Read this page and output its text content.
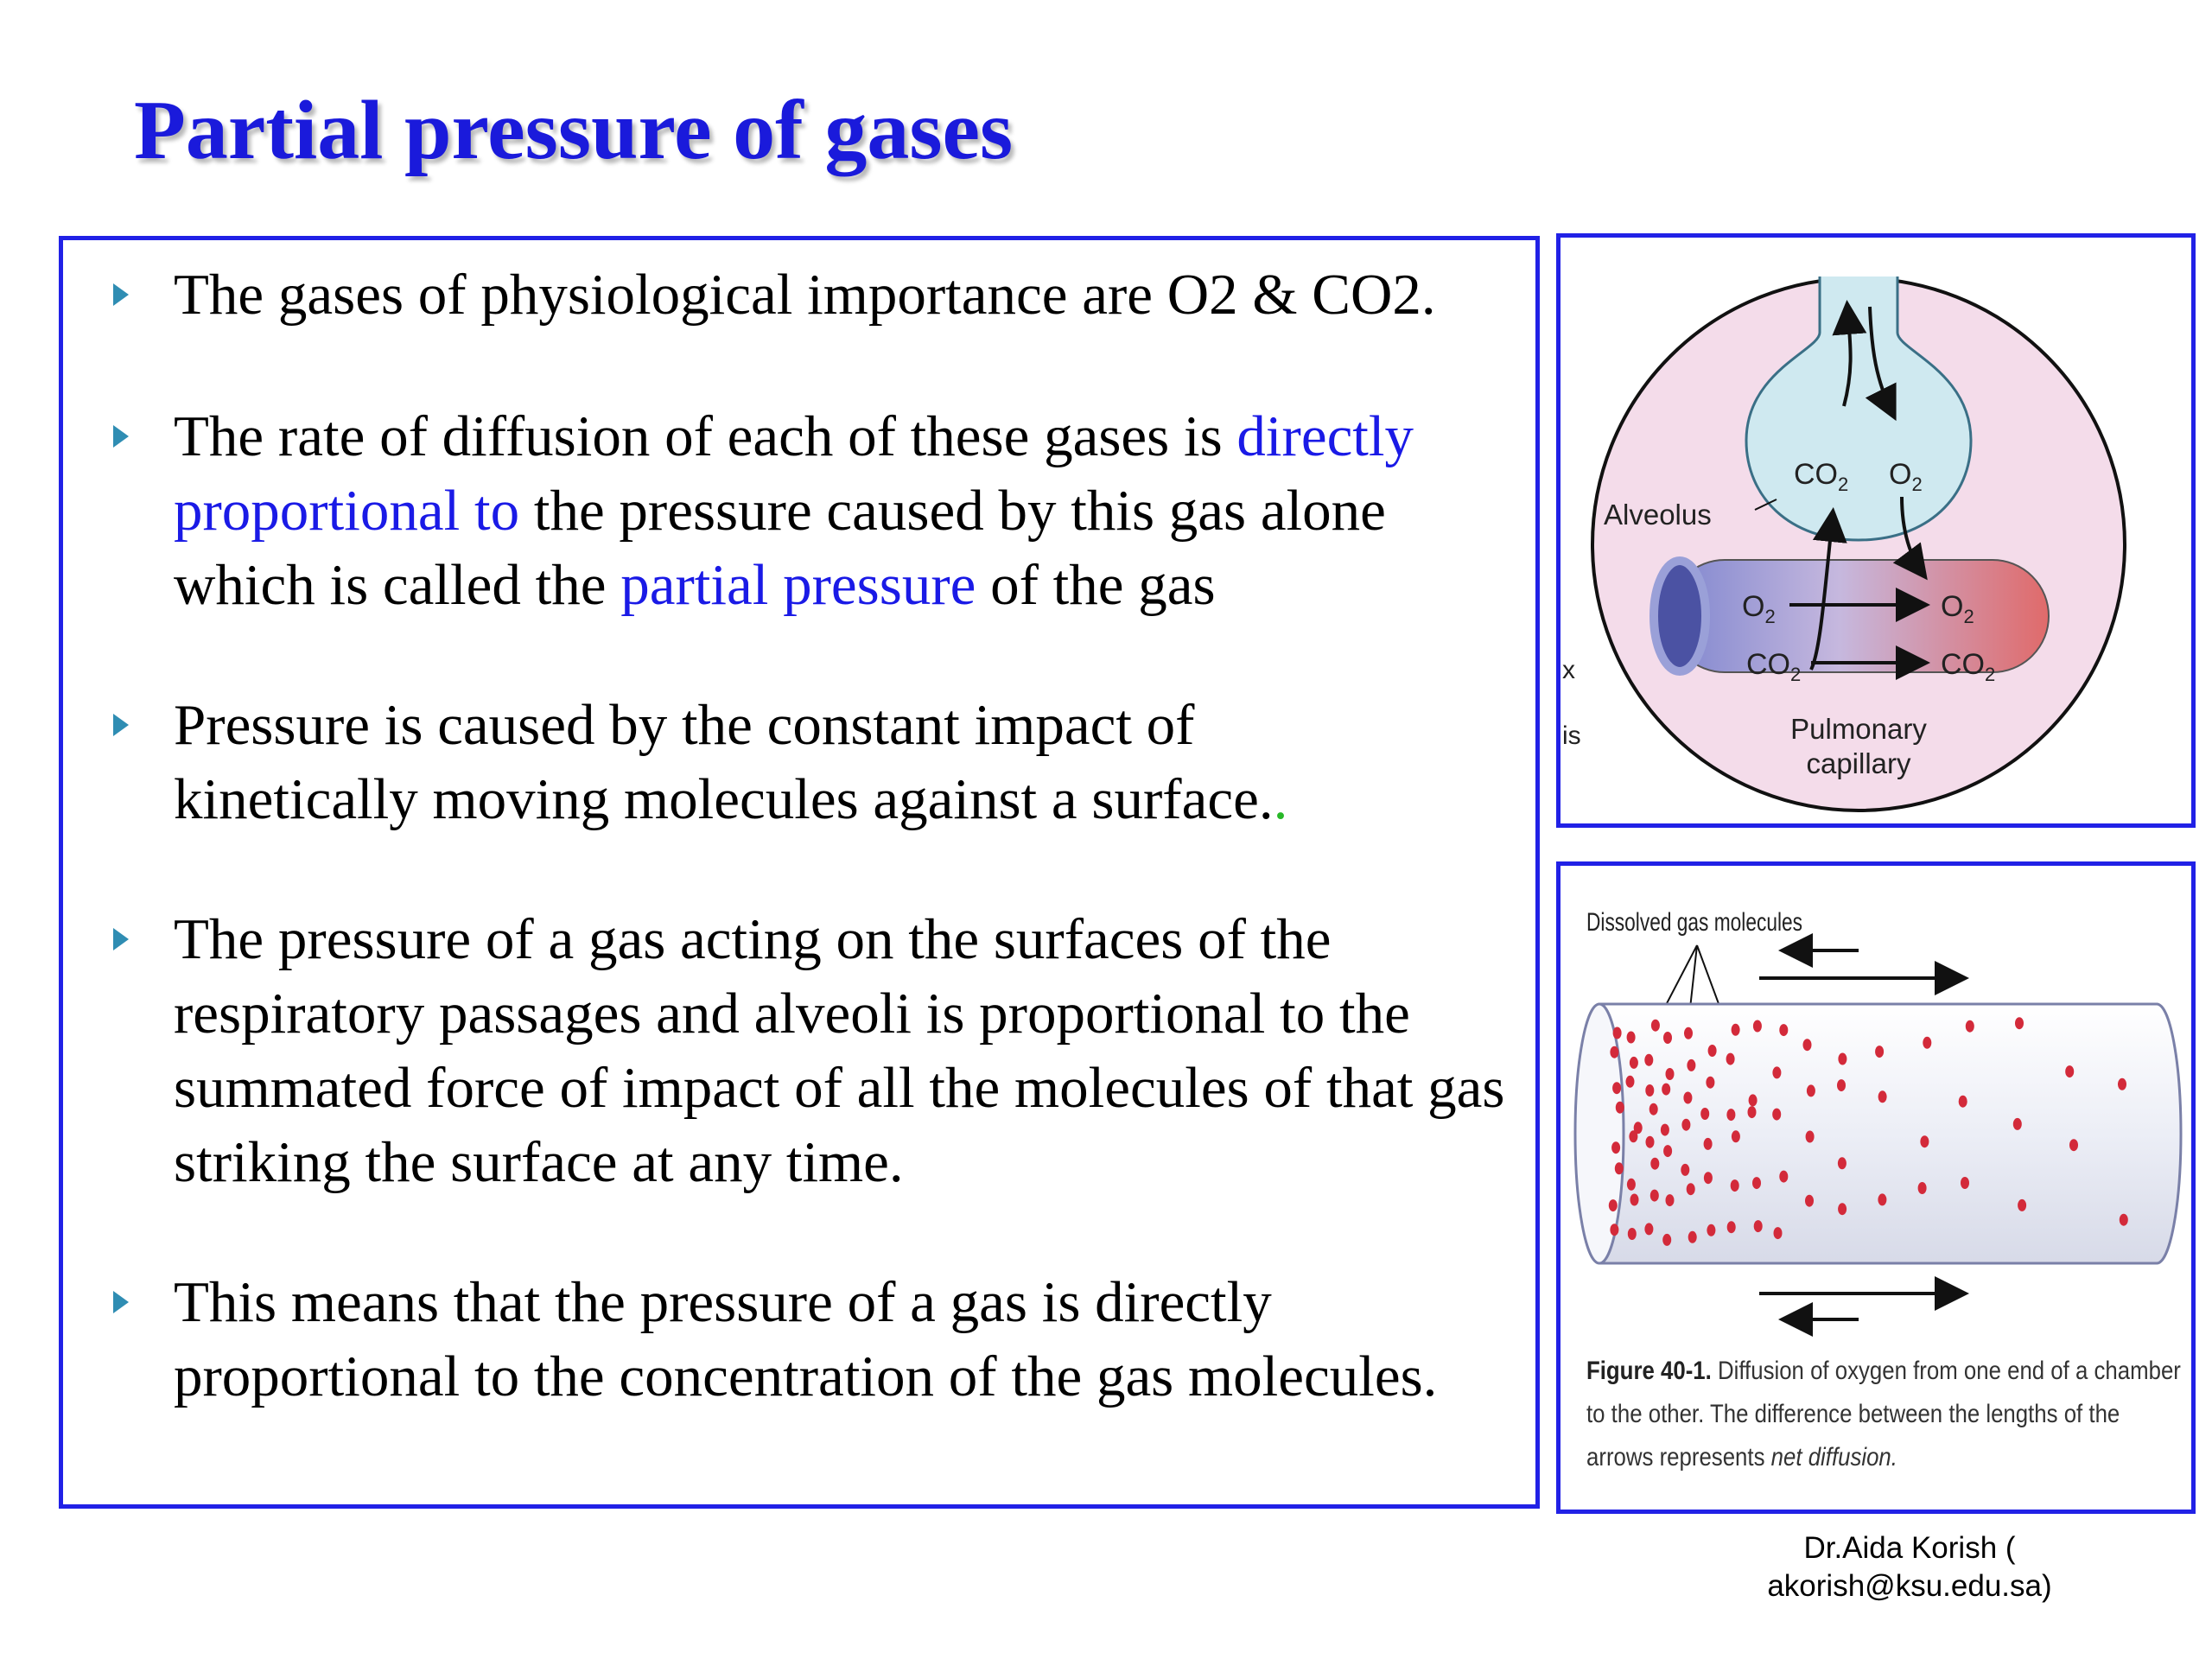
Partial pressure of gases
The gases of physiological importance are O2 & CO2.
The rate of diffusion of each of these gases is directly proportional to the pressure caused by this gas alone which is called the partial pressure of the gas
Pressure is caused by the constant impact of kinetically moving molecules against a surface..
The pressure of a gas acting on the surfaces of the respiratory passages and alveoli is proportional to the summated force of impact of all the molecules of that gas striking the surface at any time.
This means that the pressure of a gas is directly proportional to the concentration of the gas molecules.
$CO_2$ $O_2$
Alveolus
$O_2$	$O_2$
$CO_2$	$CO_2$
Pulmonary
capillary
x
is
Dissolved gas molecules
Figure 40-1. Diffusion of oxygen from one end of a chamber to the other. The difference between the lengths of the arrows represents net diffusion.
Dr.Aida Korish (
akorish@ksu.edu.sa)
